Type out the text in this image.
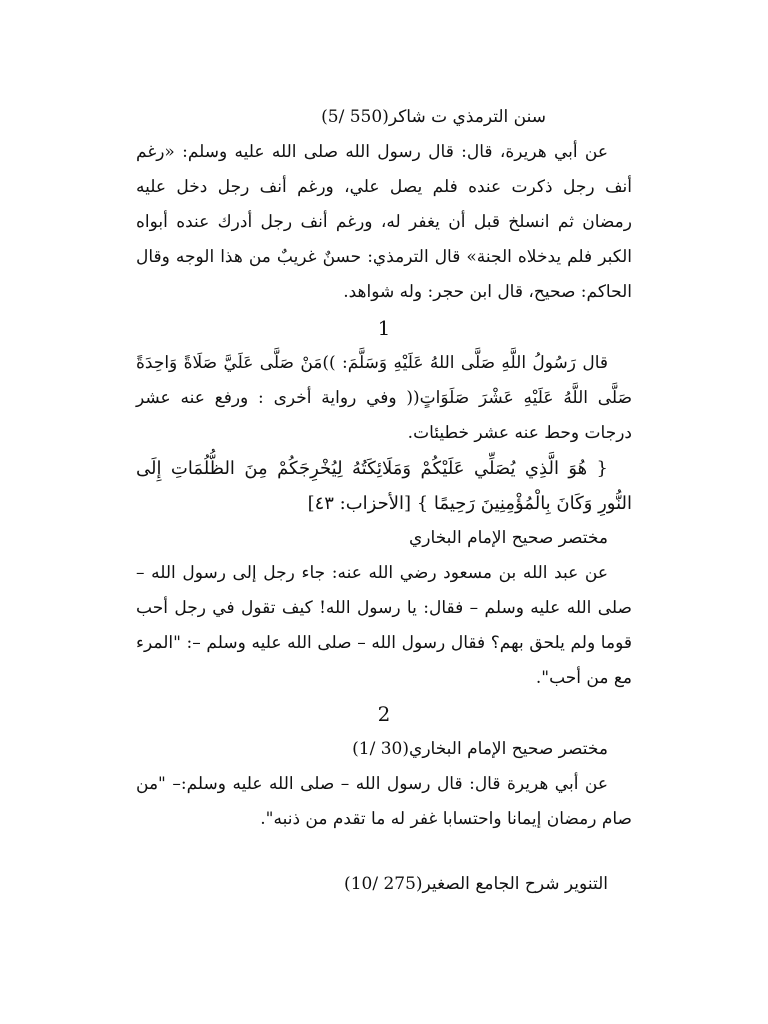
سنن الترمذي ت شاكر(550 /5)

عن أبي هريرة، قال: قال رسول الله صلى الله عليه وسلم: «رغم أنف رجل ذكرت عنده فلم يصل علي، ورغم أنف رجل دخل عليه رمضان ثم انسلخ قبل أن يغفر له، ورغم أنف رجل أدرك عنده أبواه الكبر فلم يدخلاه الجنة» قال الترمذي: حسنٌ غريبٌ من هذا الوجه وقال الحاكم: صحيح، قال ابن حجر: وله شواهد.

1

قال رَسُولُ اللَّهِ صَلَّى اللهُ عَلَيْهِ وَسَلَّمَ: ))مَنْ صَلَّى عَلَيَّ صَلَاةً وَاحِدَةً صَلَّى اللَّهُ عَلَيْهِ عَشْرَ صَلَوَاتٍ(( وفي رواية أخرى : ورفع عنه عشر درجات وحط عنه عشر خطيئات.

{ هُوَ الَّذِي يُصَلِّي عَلَيْكُمْ وَمَلَائِكَتُهُ لِيُخْرِجَكُمْ مِنَ الظُّلُمَاتِ إِلَى النُّورِ وَكَانَ بِالْمُؤْمِنِينَ رَحِيمًا } [الأحزاب: ٤٣]

مختصر صحيح الإمام البخاري

عن عبد الله بن مسعود رضي الله عنه: جاء رجل إلى رسول الله – صلى الله عليه وسلم – فقال: يا رسول الله! كيف تقول في رجل أحب قوما ولم يلحق بهم؟ فقال رسول الله – صلى الله عليه وسلم –: "المرء مع من أحب".

2

مختصر صحيح الإمام البخاري(30 /1)

عن أبي هريرة قال: قال رسول الله – صلى الله عليه وسلم:– "من صام رمضان إيمانا واحتسابا غفر له ما تقدم من ذنبه".

التنوير شرح الجامع الصغير(275 /10)
